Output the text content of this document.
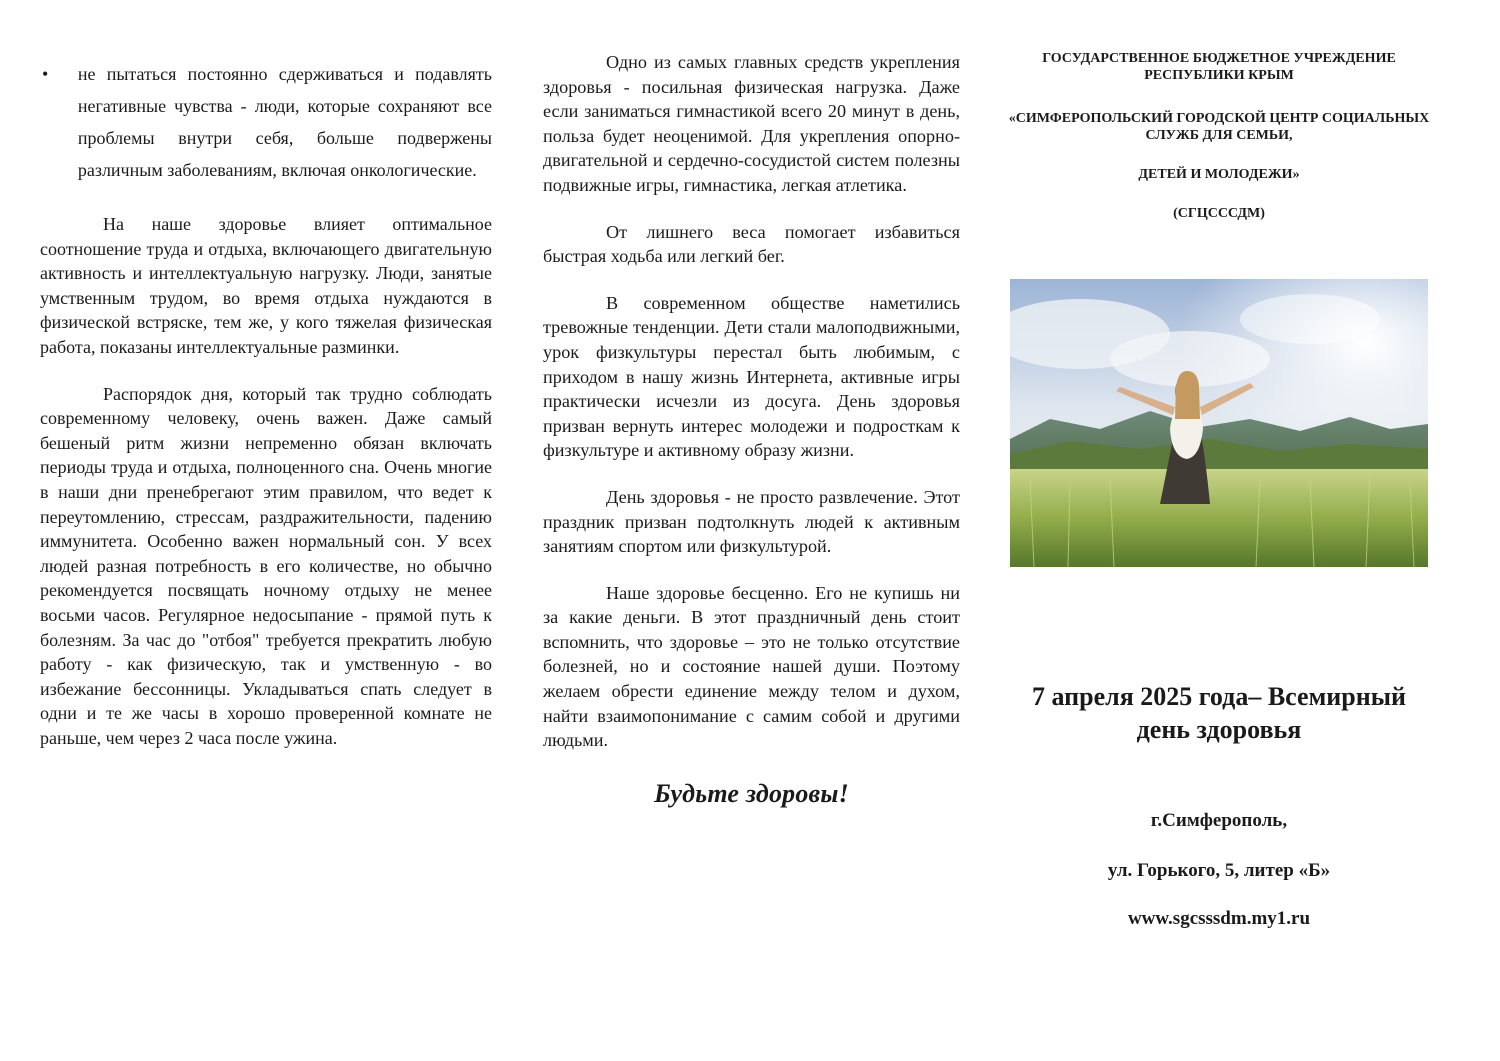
•	не пытаться постоянно сдерживаться и подавлять негативные чувства - люди, которые сохраняют все проблемы внутри себя, больше подвержены различным заболеваниям, включая онкологические.

На наше здоровье влияет оптимальное соотношение труда и отдыха, включающего двигательную активность и интеллектуальную нагрузку. Люди, занятые умственным трудом, во время отдыха нуждаются в физической встряске, тем же, у кого тяжелая физическая работа, показаны интеллектуальные разминки.

Распорядок дня, который так трудно соблюдать современному человеку, очень важен. Даже самый бешеный ритм жизни непременно обязан включать периоды труда и отдыха, полноценного сна. Очень многие в наши дни пренебрегают этим правилом, что ведет к переутомлению, стрессам, раздражительности, падению иммунитета. Особенно важен нормальный сон. У всех людей разная потребность в его количестве, но обычно рекомендуется посвящать ночному отдыху не менее восьми часов. Регулярное недосыпание - прямой путь к болезням. За час до "отбоя" требуется прекратить любую работу - как физическую, так и умственную - во избежание бессонницы. Укладываться спать следует в одни и те же часы в хорошо проверенной комнате не раньше, чем через 2 часа после ужина.

Одно из самых главных средств укрепления здоровья - посильная физическая нагрузка. Даже если заниматься гимнастикой всего 20 минут в день, польза будет неоценимой. Для укрепления опорно-двигательной и сердечно-сосудистой систем полезны подвижные игры, гимнастика, легкая атлетика.

От лишнего веса помогает избавиться быстрая ходьба или легкий бег.

В современном обществе наметились тревожные тенденции. Дети стали малоподвижными, урок физкультуры перестал быть любимым, с приходом в нашу жизнь Интернета, активные игры практически исчезли из досуга. День здоровья призван вернуть интерес молодежи и подросткам к физкультуре и активному образу жизни.

День здоровья - не просто развлечение. Этот праздник призван подтолкнуть людей к активным занятиям спортом или физкультурой.

Наше здоровье бесценно. Его не купишь ни за какие деньги. В этот праздничный день стоит вспомнить, что здоровье – это не только отсутствие болезней, но и состояние нашей души. Поэтому желаем обрести единение между телом и духом, найти взаимопонимание с самим собой и другими людьми.

Будьте здоровы!

ГОСУДАРСТВЕННОЕ БЮДЖЕТНОЕ УЧРЕЖДЕНИЕ РЕСПУБЛИКИ КРЫМ

«СИМФЕРОПОЛЬСКИЙ ГОРОДСКОЙ ЦЕНТР СОЦИАЛЬНЫХ СЛУЖБ ДЛЯ СЕМЬИ,

ДЕТЕЙ И МОЛОДЕЖИ»

(СГЦСССДМ)

7 апреля 2025 года– Всемирный день здоровья

г.Симферополь,

ул. Горького, 5, литер «Б»

www.sgcsssdm.my1.ru
